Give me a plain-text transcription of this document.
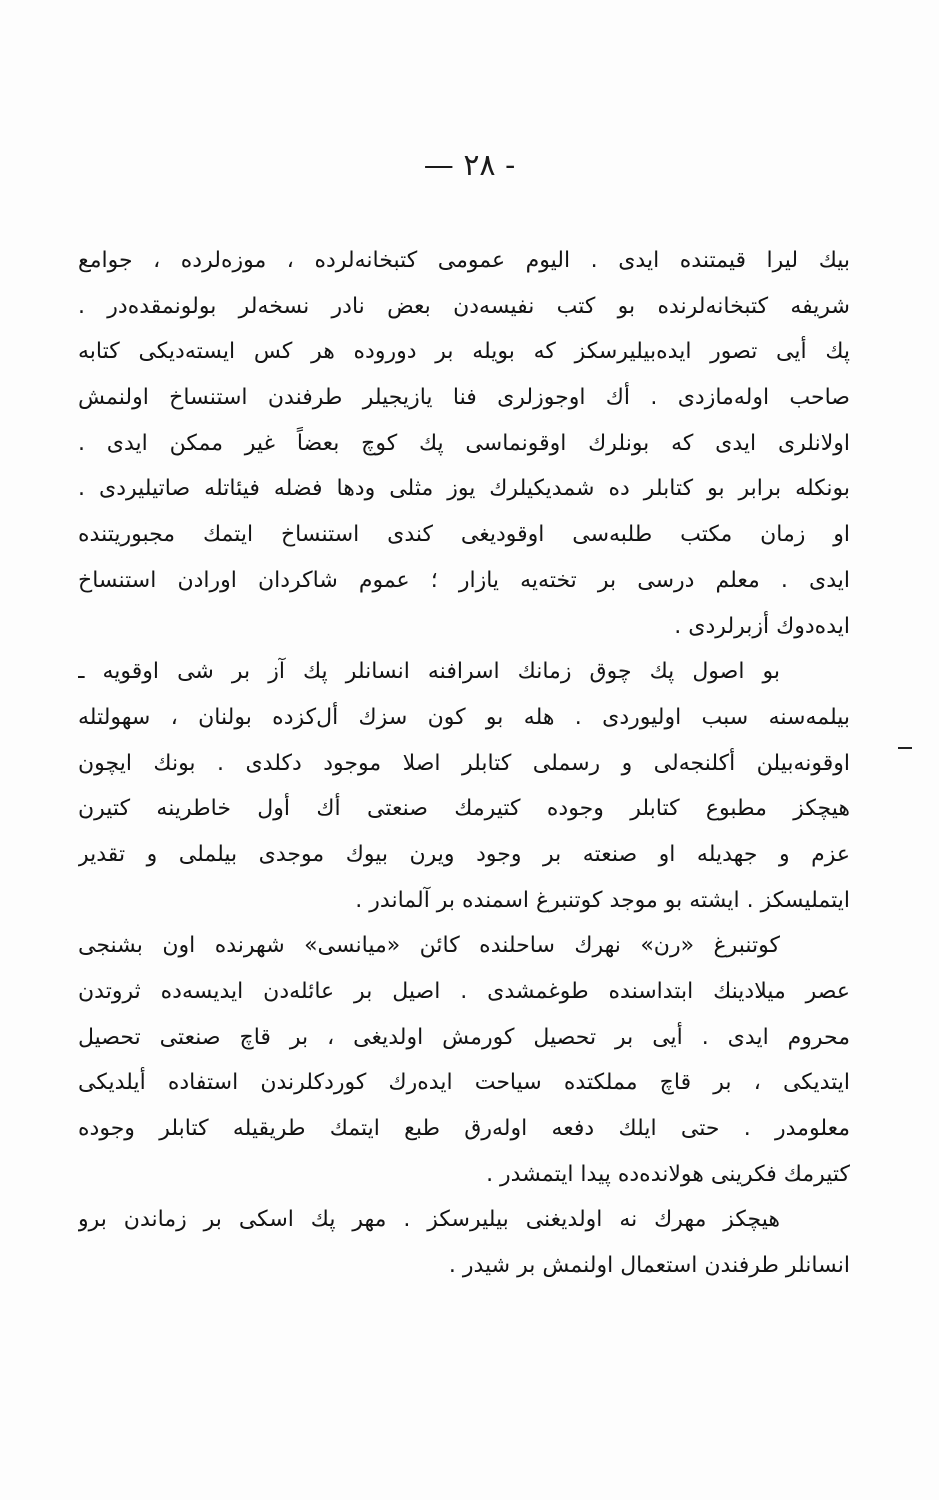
— ۲۸ -
بیك لیرا قیمتنده ایدی . الیوم عمومی کتبخانه‌لرده ، موزه‌لرده ، جوامع
شریفه کتبخانه‌لرنده بو کتب نفیسه‌دن بعض نادر نسخه‌لر بولونمقده‌در .
پك أیی تصور ایده‌بیلیرسکز که بویله بر دوروده هر کس ایسته‌دیکی کتابه
صاحب اوله‌مازدی . أك اوجوزلری فنا یازیجیلر طرفندن استنساخ اولنمش
اولانلری ایدی که بونلرك اوقونماسی پك کوچ بعضاً غیر ممکن ایدی .
بونکله برابر بو کتابلر ده شمدیکیلرك یوز مثلی ودها فضله فیئاتله صاتیلیردی .
او زمان مکتب طلبه‌سی اوقودیغی کندی استنساخ ایتمك مجبوریتنده
ایدی . معلم درسی بر تخته‌یه یازار ؛ عموم شاکردان اورادن استنساخ
ایده‌دوك أزبرلردی .
بو اصول پك چوق زمانك اسرافنه انسانلر پك آز بر شی اوقویه ـ
بیلمه‌سنه سبب اولیوردی . هله بو کون سزك أل‌کزده بولنان ، سهولتله
اوقونه‌بیلن أکلنجه‌لی و رسملی کتابلر اصلا موجود دکلدی . بونك ایچون
هیچکز مطبوع کتابلر وجوده کتیرمك صنعتی أك أول خاطرینه کتیرن
عزم و جهدیله او صنعته بر وجود ویرن بیوك موجدی بیلملی و تقدیر
ایتملیسکز . ایشته بو موجد کوتنبرغ اسمنده بر آلماندر .
کوتنبرغ «رن» نهرك ساحلنده کائن «میانسی» شهرنده اون بشنجی
عصر میلادینك ابتداسنده طوغمشدی . اصیل بر عائله‌دن ایدیسه‌ده ثروتدن
محروم ایدی . أیی بر تحصیل کورمش اولدیغی ، بر قاچ صنعتی تحصیل
ایتدیکی ، بر قاچ مملکتده سیاحت ایده‌رك کوردکلرندن استفاده أیلدیکی
معلومدر . حتی ایلك دفعه اوله‌رق طبع ایتمك طریقیله کتابلر وجوده
کتیرمك فکرینی هولانده‌ده پیدا ایتمشدر .
هیچکز مهرك نه اولدیغنی بیلیرسکز . مهر پك اسکی بر زماندن برو
انسانلر طرفندن استعمال اولنمش بر شیدر .
